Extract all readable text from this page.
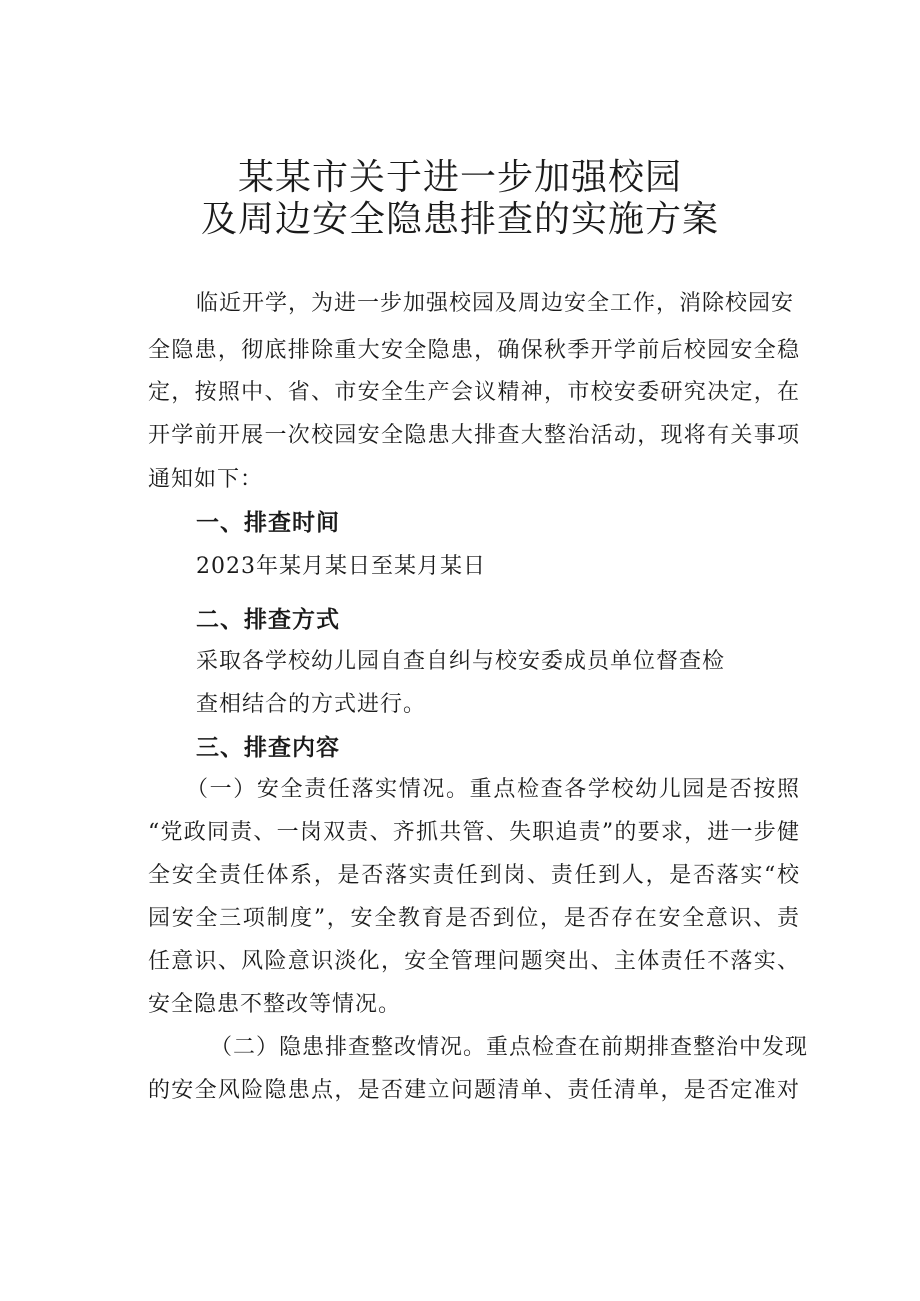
某某市关于进一步加强校园
及周边安全隐患排查的实施方案
临近开学，为进一步加强校园及周边安全工作，消除校园安
全隐患，彻底排除重大安全隐患，确保秋季开学前后校园安全稳
定，按照中、省、市安全生产会议精神，市校安委研究决定，在
开学前开展一次校园安全隐患大排查大整治活动，现将有关事项
通知如下：
一、排查时间
2023年某月某日至某月某日
二、排查方式
采取各学校幼儿园自查自纠与校安委成员单位督查检
查相结合的方式进行。
三、排查内容
（一）安全责任落实情况。重点检查各学校幼儿园是否按照
“党政同责、一岗双责、齐抓共管、失职追责”的要求，进一步健
全安全责任体系，是否落实责任到岗、责任到人，是否落实“校
园安全三项制度”，安全教育是否到位，是否存在安全意识、责
任意识、风险意识淡化，安全管理问题突出、主体责任不落实、
安全隐患不整改等情况。
（二）隐患排查整改情况。重点检查在前期排查整治中发现
的安全风险隐患点，是否建立问题清单、责任清单，是否定准对
